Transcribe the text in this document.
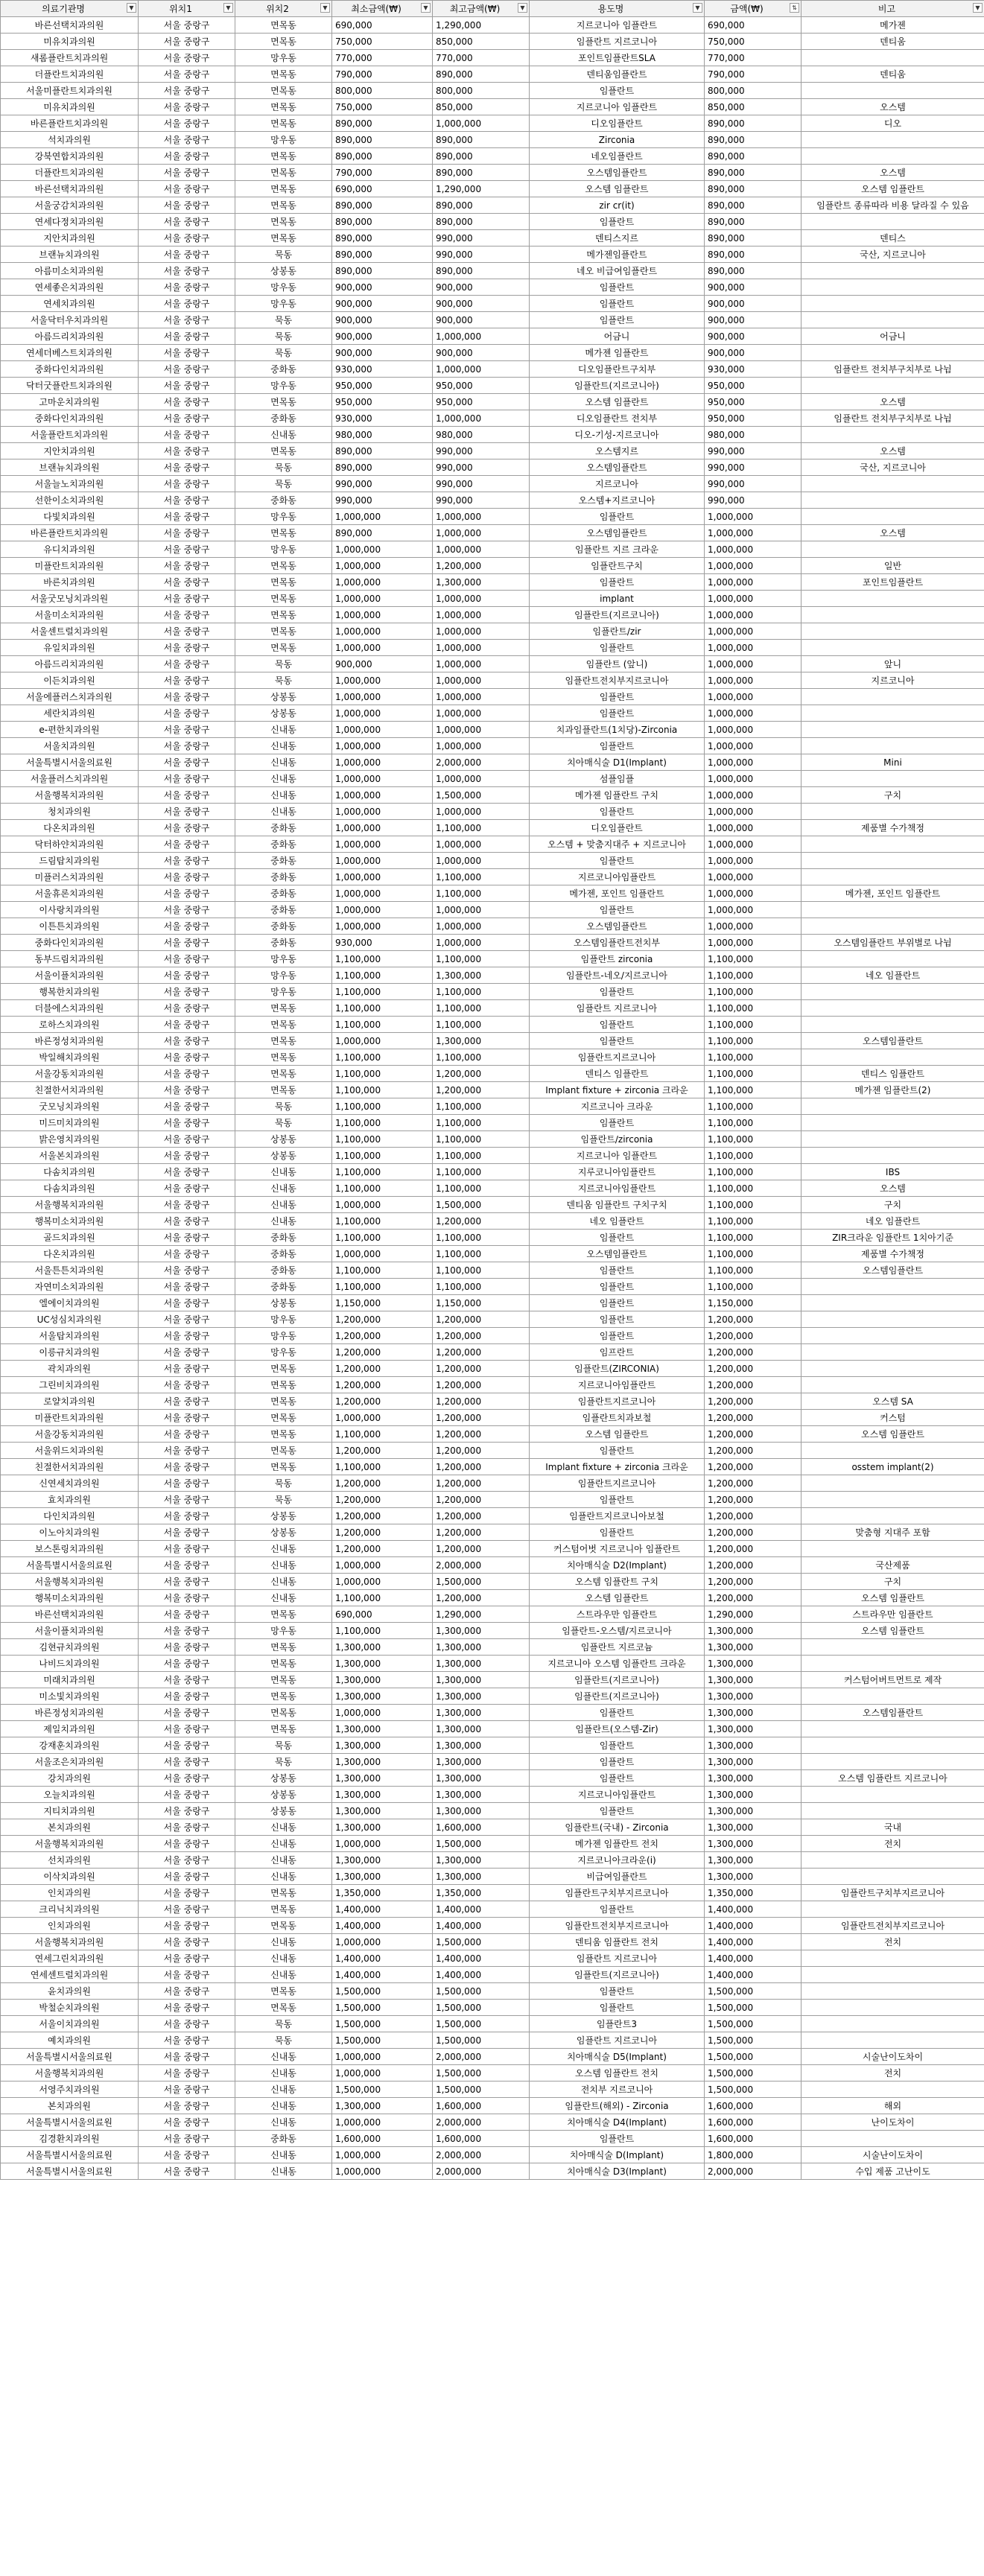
의료기관명 ▼	위치1 ▼	위치2 ▼	최소금액(₩) ▼	최고금액(₩) ▼	용도명 ▼	금액(₩) ⇅	비고 ▼

바른선택치과의원	서울 중랑구	면목동	690,000	1,290,000	지르코니아 임플란트	690,000	메가젠
미유치과의원	서울 중랑구	면목동	750,000	850,000	임플란트 지르코니아	750,000	덴티움
새롬플란트치과의원	서울 중랑구	망우동	770,000	770,000	포인트임플란트SLA	770,000	
더플란트치과의원	서울 중랑구	면목동	790,000	890,000	덴티움임플란트	790,000	덴티움
서울미플란트치과의원	서울 중랑구	면목동	800,000	800,000	임플란트	800,000	
미유치과의원	서울 중랑구	면목동	750,000	850,000	지르코니아 임플란트	850,000	오스템
바른플란트치과의원	서울 중랑구	면목동	890,000	1,000,000	디오임플란트	890,000	디오
석치과의원	서울 중랑구	망우동	890,000	890,000	Zirconia	890,000	
강북연합치과의원	서울 중랑구	면목동	890,000	890,000	네오임플란트	890,000	
더플란트치과의원	서울 중랑구	면목동	790,000	890,000	오스템임플란트	890,000	오스템
바른선택치과의원	서울 중랑구	면목동	690,000	1,290,000	오스템 임플란트	890,000	오스템 임플란트
서울궁감치과의원	서울 중랑구	면목동	890,000	890,000	zir cr(it)	890,000	임플란트 종류따라 비용 달라질 수 있음
연세다정치과의원	서울 중랑구	면목동	890,000	890,000	임플란트	890,000	
지안치과의원	서울 중랑구	면목동	890,000	990,000	덴티스지르	890,000	덴티스
브랜뉴치과의원	서울 중랑구	묵동	890,000	990,000	메가젠임플란트	890,000	국산, 지르코니아
아름미소치과의원	서울 중랑구	상봉동	890,000	890,000	네오 비급여임플란트	890,000	
연세좋은치과의원	서울 중랑구	망우동	900,000	900,000	임플란트	900,000	
연세치과의원	서울 중랑구	망우동	900,000	900,000	임플란트	900,000	
서울닥터우치과의원	서울 중랑구	묵동	900,000	900,000	임플란트	900,000	
아름드리치과의원	서울 중랑구	묵동	900,000	1,000,000	어금니	900,000	어금니
연세더베스트치과의원	서울 중랑구	묵동	900,000	900,000	메가젠 임플란트	900,000	
중화다인치과의원	서울 중랑구	중화동	930,000	1,000,000	디오임플란트구치부	930,000	임플란트 전치부구치부로 나뉨
닥터굿플란트치과의원	서울 중랑구	망우동	950,000	950,000	임플란트(지르코니아)	950,000	
고마운치과의원	서울 중랑구	면목동	950,000	950,000	오스템 임플란트	950,000	오스템
중화다인치과의원	서울 중랑구	중화동	930,000	1,000,000	디오임플란트 전치부	950,000	임플란트 전치부구치부로 나뉨
서울플란트치과의원	서울 중랑구	신내동	980,000	980,000	디오-기성-지르코니아	980,000	
지안치과의원	서울 중랑구	면목동	890,000	990,000	오스템지르	990,000	오스템
브랜뉴치과의원	서울 중랑구	묵동	890,000	990,000	오스템임플란트	990,000	국산, 지르코니아
서울늘노치과의원	서울 중랑구	묵동	990,000	990,000	지르코니아	990,000	
선한이소치과의원	서울 중랑구	중화동	990,000	990,000	오스템+지르코니아	990,000	
다빛치과의원	서울 중랑구	망우동	1,000,000	1,000,000	임플란트	1,000,000	
바른플란트치과의원	서울 중랑구	면목동	890,000	1,000,000	오스템임플란트	1,000,000	오스템
유디치과의원	서울 중랑구	망우동	1,000,000	1,000,000	임플란트 지르 크라운	1,000,000	
미플란트치과의원	서울 중랑구	면목동	1,000,000	1,200,000	임플란트구치	1,000,000	일반
바른치과의원	서울 중랑구	면목동	1,000,000	1,300,000	임플란트	1,000,000	포인트임플란트
서울굿모닝치과의원	서울 중랑구	면목동	1,000,000	1,000,000	implant	1,000,000	
서울미소치과의원	서울 중랑구	면목동	1,000,000	1,000,000	임플란트(지르코니아)	1,000,000	
서울센트럴치과의원	서울 중랑구	면목동	1,000,000	1,000,000	임플란트/zir	1,000,000	
유일치과의원	서울 중랑구	면목동	1,000,000	1,000,000	임플란트	1,000,000	
아름드리치과의원	서울 중랑구	묵동	900,000	1,000,000	임플란트 (앞니)	1,000,000	앞니
이든치과의원	서울 중랑구	묵동	1,000,000	1,000,000	임플란트전치부지르코니아	1,000,000	지르코니아
서울에플러스치과의원	서울 중랑구	상봉동	1,000,000	1,000,000	임플란트	1,000,000	
세란치과의원	서울 중랑구	상봉동	1,000,000	1,000,000	임플란트	1,000,000	
e-편한치과의원	서울 중랑구	신내동	1,000,000	1,000,000	치과임플란트(1치당)-Zirconia	1,000,000	
서울치과의원	서울 중랑구	신내동	1,000,000	1,000,000	임플란트	1,000,000	
서울특별시서울의료원	서울 중랑구	신내동	1,000,000	2,000,000	치아매식술 D1(Implant)	1,000,000	Mini
서울플러스치과의원	서울 중랑구	신내동	1,000,000	1,000,000	섬플임플	1,000,000	
서울행복치과의원	서울 중랑구	신내동	1,000,000	1,500,000	메가젠 임플란트 구치	1,000,000	구치
청치과의원	서울 중랑구	신내동	1,000,000	1,000,000	임플란트	1,000,000	
다온치과의원	서울 중랑구	중화동	1,000,000	1,100,000	디오임플란트	1,000,000	제품별 수가책정
닥터하얀치과의원	서울 중랑구	중화동	1,000,000	1,000,000	오스템 + 맞춤지대주 + 지르코니아	1,000,000	
드림탑치과의원	서울 중랑구	중화동	1,000,000	1,000,000	임플란트	1,000,000	
미플러스치과의원	서울 중랑구	중화동	1,000,000	1,100,000	지르코니아임플란트	1,000,000	
서울휴론치과의원	서울 중랑구	중화동	1,000,000	1,100,000	메가젠, 포인트 임플란트	1,000,000	메가젠, 포인트 임플란트
이사랑치과의원	서울 중랑구	중화동	1,000,000	1,000,000	임플란트	1,000,000	
이튼튼치과의원	서울 중랑구	중화동	1,000,000	1,000,000	오스템임플란트	1,000,000	
중화다인치과의원	서울 중랑구	중화동	930,000	1,000,000	오스템임플란트전치부	1,000,000	오스템임플란트 부위별로 나뉨
동부드림치과의원	서울 중랑구	망우동	1,100,000	1,100,000	임플란트 zirconia	1,100,000	
서울이플치과의원	서울 중랑구	망우동	1,100,000	1,300,000	임플란트-네오/지르코니아	1,100,000	네오 임플란트
행복한치과의원	서울 중랑구	망우동	1,100,000	1,100,000	임플란트	1,100,000	
더블에스치과의원	서울 중랑구	면목동	1,100,000	1,100,000	임플란트 지르코니아	1,100,000	
로하스치과의원	서울 중랑구	면목동	1,100,000	1,100,000	임플란트	1,100,000	
바른정성치과의원	서울 중랑구	면목동	1,000,000	1,300,000	임플란트	1,100,000	오스템임플란트
박일해치과의원	서울 중랑구	면목동	1,100,000	1,100,000	임플란트지르코니아	1,100,000	
서울강동치과의원	서울 중랑구	면목동	1,100,000	1,200,000	덴티스 임플란트	1,100,000	덴티스 임플란트
친절한서치과의원	서울 중랑구	면목동	1,100,000	1,200,000	Implant fixture + zirconia 크라운	1,100,000	메가젠 임플란트(2)
굿모닝치과의원	서울 중랑구	묵동	1,100,000	1,100,000	지르코니아 크라운	1,100,000	
미드미치과의원	서울 중랑구	묵동	1,100,000	1,100,000	임플란트	1,100,000	
밝은영치과의원	서울 중랑구	상봉동	1,100,000	1,100,000	임플란트/zirconia	1,100,000	
서울본치과의원	서울 중랑구	상봉동	1,100,000	1,100,000	지르코니아 임플란트	1,100,000	
다솜치과의원	서울 중랑구	신내동	1,100,000	1,100,000	지루코니아임플란트	1,100,000	IBS
다솜치과의원	서울 중랑구	신내동	1,100,000	1,100,000	지르코니아임플란트	1,100,000	오스템
서울행복치과의원	서울 중랑구	신내동	1,000,000	1,500,000	덴티움 임플란트 구치구치	1,100,000	구치
행복미소치과의원	서울 중랑구	신내동	1,100,000	1,200,000	네오 임플란트	1,100,000	네오 임플란트
골드치과의원	서울 중랑구	중화동	1,100,000	1,100,000	임플란트	1,100,000	ZIR크라운 임플란트 1치아기준
다온치과의원	서울 중랑구	중화동	1,000,000	1,100,000	오스템임플란트	1,100,000	제품별 수가책정
서울튼튼치과의원	서울 중랑구	중화동	1,100,000	1,100,000	임플란트	1,100,000	오스템임플란트
자연미소치과의원	서울 중랑구	중화동	1,100,000	1,100,000	임플란트	1,100,000	
엘에이치과의원	서울 중랑구	상봉동	1,150,000	1,150,000	임플란트	1,150,000	
UC성심치과의원	서울 중랑구	망우동	1,200,000	1,200,000	임플란트	1,200,000	
서울탑치과의원	서울 중랑구	망우동	1,200,000	1,200,000	임플란트	1,200,000	
이릉규치과의원	서울 중랑구	망우동	1,200,000	1,200,000	임프란트	1,200,000	
곽치과의원	서울 중랑구	면목동	1,200,000	1,200,000	임플란트(ZIRCONIA)	1,200,000	
그린비치과의원	서울 중랑구	면목동	1,200,000	1,200,000	지르코니아임플란트	1,200,000	
로얄치과의원	서울 중랑구	면목동	1,200,000	1,200,000	임플란트지르코니아	1,200,000	오스템 SA
미플란트치과의원	서울 중랑구	면목동	1,000,000	1,200,000	임플란트치과보철	1,200,000	커스텀
서울강동치과의원	서울 중랑구	면목동	1,100,000	1,200,000	오스템 임플란트	1,200,000	오스템 임플란트
서울위드치과의원	서울 중랑구	면목동	1,200,000	1,200,000	임플란트	1,200,000	
친절한서치과의원	서울 중랑구	면목동	1,100,000	1,200,000	Implant fixture + zirconia 크라운	1,200,000	osstem implant(2)
신연세치과의원	서울 중랑구	묵동	1,200,000	1,200,000	임플란트지르코니아	1,200,000	
효치과의원	서울 중랑구	묵동	1,200,000	1,200,000	임플란트	1,200,000	
다인치과의원	서울 중랑구	상봉동	1,200,000	1,200,000	임플란트지르코니아보철	1,200,000	
이노아치과의원	서울 중랑구	상봉동	1,200,000	1,200,000	임플란트	1,200,000	맞춤형 지대주 포함
보스톤링치과의원	서울 중랑구	신내동	1,200,000	1,200,000	커스텀어벗 지르코니아 임플란트	1,200,000	
서울특별시서울의료원	서울 중랑구	신내동	1,000,000	2,000,000	치아매식술 D2(Implant)	1,200,000	국산제품
서울행복치과의원	서울 중랑구	신내동	1,000,000	1,500,000	오스템 임플란트 구치	1,200,000	구치
행복미소치과의원	서울 중랑구	신내동	1,100,000	1,200,000	오스템 임플란트	1,200,000	오스템 임플란트
바른선택치과의원	서울 중랑구	면목동	690,000	1,290,000	스트라우만 임플란트	1,290,000	스트라우만 임플란트
서울이플치과의원	서울 중랑구	망우동	1,100,000	1,300,000	임플란트-오스템/지르코니아	1,300,000	오스템 임플란트
김현규치과의원	서울 중랑구	면목동	1,300,000	1,300,000	임플란트 지르코늄	1,300,000	
나비드치과의원	서울 중랑구	면목동	1,300,000	1,300,000	지르코니아 오스템 임플란트 크라운	1,300,000	
미래치과의원	서울 중랑구	면목동	1,300,000	1,300,000	임플란트(지르코니아)	1,300,000	커스텀어버트먼트로 제작
미소빛치과의원	서울 중랑구	면목동	1,300,000	1,300,000	임플란트(지르코니아)	1,300,000	
바른정성치과의원	서울 중랑구	면목동	1,000,000	1,300,000	임플란트	1,300,000	오스템임플란트
제일치과의원	서울 중랑구	면목동	1,300,000	1,300,000	임플란트(오스템-Zir)	1,300,000	
강재훈치과의원	서울 중랑구	묵동	1,300,000	1,300,000	임플란트	1,300,000	
서울조은치과의원	서울 중랑구	묵동	1,300,000	1,300,000	임플란트	1,300,000	
강치과의원	서울 중랑구	상봉동	1,300,000	1,300,000	임플란트	1,300,000	오스템 임플란트 지르코니아
오늘치과의원	서울 중랑구	상봉동	1,300,000	1,300,000	지르코니아임플란트	1,300,000	
지티치과의원	서울 중랑구	상봉동	1,300,000	1,300,000	임플란트	1,300,000	
본치과의원	서울 중랑구	신내동	1,300,000	1,600,000	임플란트(국내) - Zirconia	1,300,000	국내
서울행복치과의원	서울 중랑구	신내동	1,000,000	1,500,000	메가젠 임플란트 전치	1,300,000	전치
선치과의원	서울 중랑구	신내동	1,300,000	1,300,000	지르코니아크라운(i)	1,300,000	
이삭치과의원	서울 중랑구	신내동	1,300,000	1,300,000	비급여임플란트	1,300,000	
인치과의원	서울 중랑구	면목동	1,350,000	1,350,000	임플란트구치부지르코니아	1,350,000	임플란트구치부지르코니아
크리닉치과의원	서울 중랑구	면목동	1,400,000	1,400,000	임플란트	1,400,000	
인치과의원	서울 중랑구	면목동	1,400,000	1,400,000	임플란트전치부지르코니아	1,400,000	임플란트전치부지르코니아
서울행복치과의원	서울 중랑구	신내동	1,000,000	1,500,000	덴티움 임플란트 전치	1,400,000	전치
연세그린치과의원	서울 중랑구	신내동	1,400,000	1,400,000	임플란트 지르코니아	1,400,000	
연세센트럴치과의원	서울 중랑구	신내동	1,400,000	1,400,000	임플란트(지르코니아)	1,400,000	
윤치과의원	서울 중랑구	면목동	1,500,000	1,500,000	임플란트	1,500,000	
박철순치과의원	서울 중랑구	면목동	1,500,000	1,500,000	임플란트	1,500,000	
서울이치과의원	서울 중랑구	묵동	1,500,000	1,500,000	임플란트3	1,500,000	
예치과의원	서울 중랑구	묵동	1,500,000	1,500,000	임플란트 지르코니아	1,500,000	
서울특별시서울의료원	서울 중랑구	신내동	1,000,000	2,000,000	치아매식술 D5(Implant)	1,500,000	시술난이도차이
서울행복치과의원	서울 중랑구	신내동	1,000,000	1,500,000	오스템 임플란트 전치	1,500,000	전치
서영주치과의원	서울 중랑구	신내동	1,500,000	1,500,000	전치부 지르코니아	1,500,000	
본치과의원	서울 중랑구	신내동	1,300,000	1,600,000	임플란트(해외) - Zirconia	1,600,000	해외
서울특별시서울의료원	서울 중랑구	신내동	1,000,000	2,000,000	치아매식술 D4(Implant)	1,600,000	난이도차이
김경환치과의원	서울 중랑구	중화동	1,600,000	1,600,000	임플란트	1,600,000	
서울특별시서울의료원	서울 중랑구	신내동	1,000,000	2,000,000	치아매식술 D(Implant)	1,800,000	시술난이도차이
서울특별시서울의료원	서울 중랑구	신내동	1,000,000	2,000,000	치아매식술 D3(Implant)	2,000,000	수입 제품 고난이도
